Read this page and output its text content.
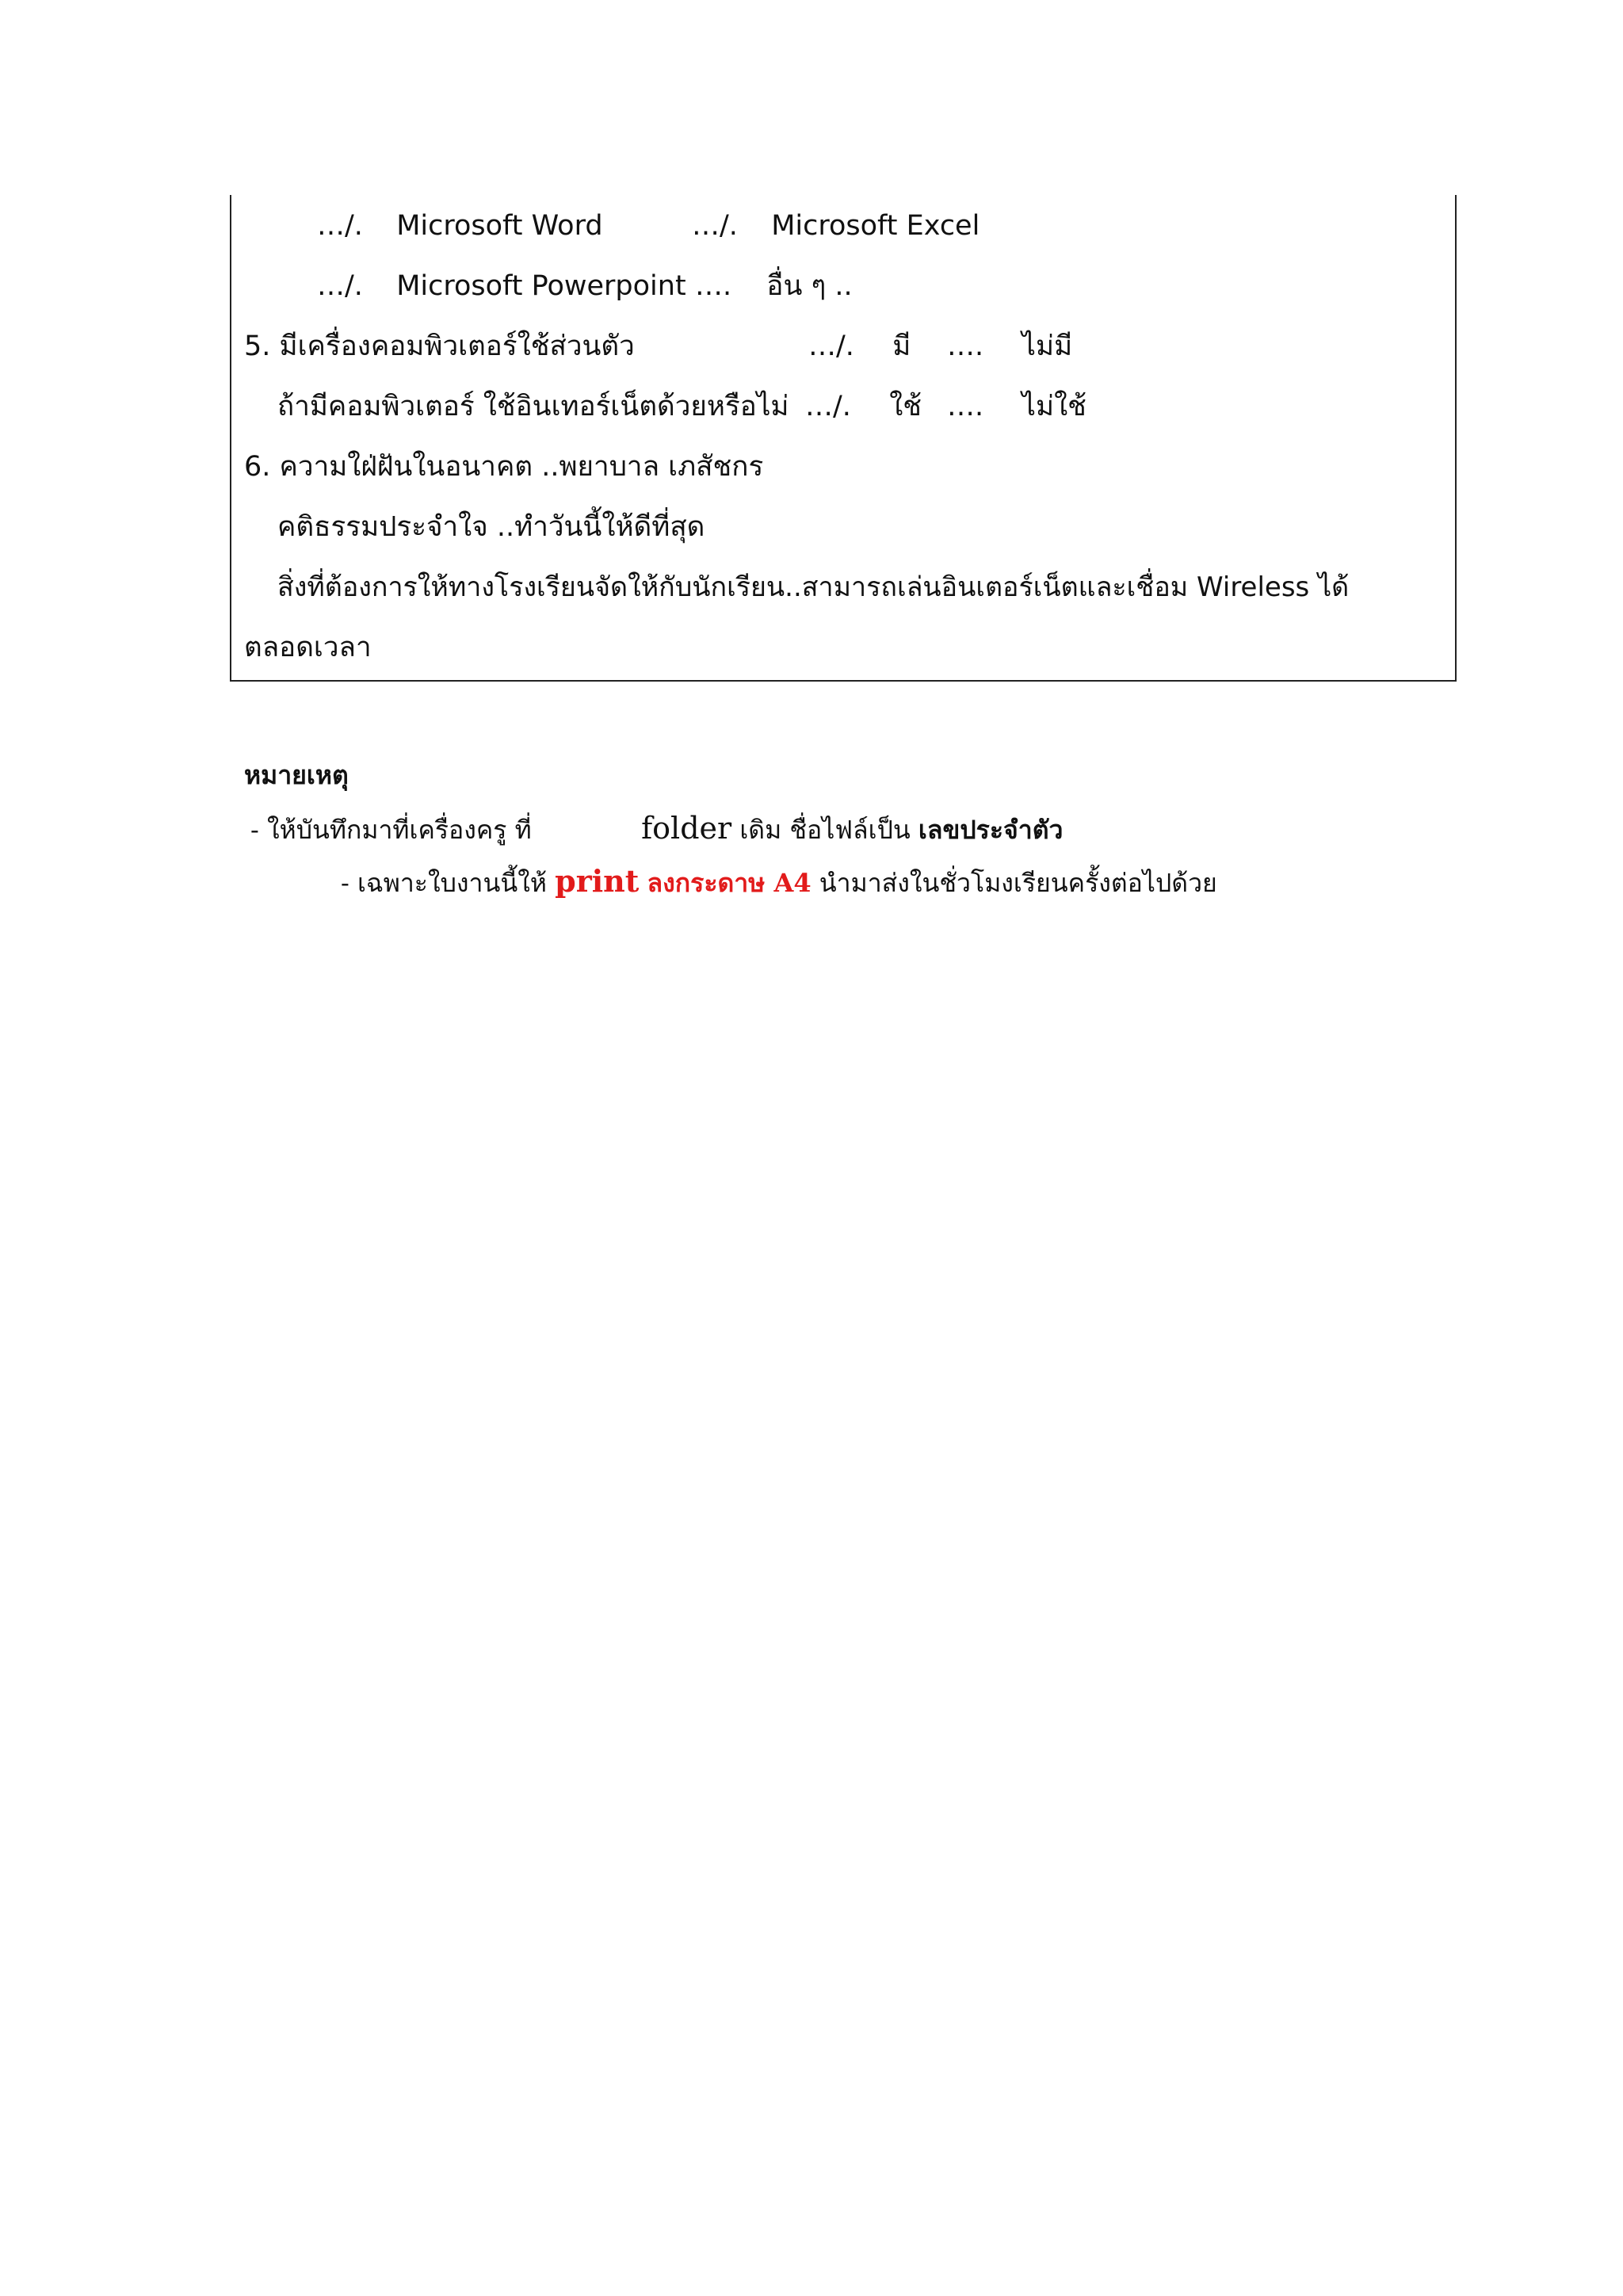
…/. Microsoft Word	…/. Microsoft Excel
…/. Microsoft Powerpoint …. อื่น ๆ ..
5. มีเครื่องคอมพิวเตอร์ใช้ส่วนตัว	…/. มี …. ไม่มี
ถ้ามีคอมพิวเตอร์ ใช้อินเทอร์เน็ตด้วยหรือไม่ …/. ใช้ …. ไม่ใช้
6. ความใฝ่ฝันในอนาคต ..พยาบาล เภสัชกร
คติธรรมประจำใจ ..ทำวันนี้ให้ดีที่สุด
สิ่งที่ต้องการให้ทางโรงเรียนจัดให้กับนักเรียน..สามารถเล่นอินเตอร์เน็ตและเชื่อม Wireless ได้
ตลอดเวลา
หมายเหตุ
- ให้บันทึกมาที่เครื่องครู ที่	folder เดิม ชื่อไฟล์เป็น เลขประจำตัว
- เฉพาะใบงานนี้ให้ print ลงกระดาษ A4 นำมาส่งในชั่วโมงเรียนครั้งต่อไปด้วย
